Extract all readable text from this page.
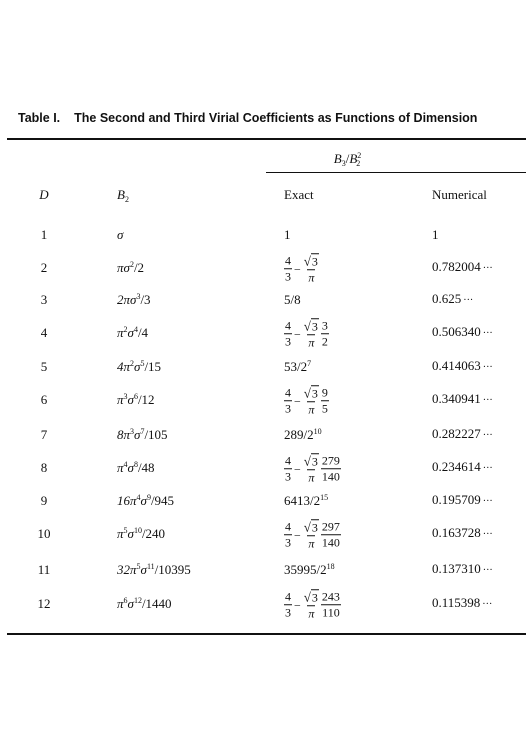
Table I. The Second and Third Virial Coefficients as Functions of Dimension
$B_3/B^2_2$
D	$B_2$	Exact	Numerical
1	σ	1	1
2	$\pi\sigma^2/2$	$\frac{4}{3} - \frac{√3}{\pi}$	0.782004 ···
3	$2\pi\sigma^3/3$	5/8	0.625 ···
4	$\pi^2\sigma^4/4$	$\frac{4}{3} - \frac{√3}{\pi} \frac{3}{2}$	0.506340 ···
5	$4\pi^2\sigma^5/15$	$53/2^7$	0.414063 ···
6	$\pi^3\sigma^6/12$	$\frac{4}{3} - \frac{√3}{\pi} \frac{9}{5}$	0.340941 ···
7	$8\pi^3\sigma^7/105$	$289/2^{10}$	0.282227 ···
8	$\pi^4\sigma^8/48$	$\frac{4}{3} - \frac{√3}{\pi} \frac{279}{140}$	0.234614 ···
9	$16\pi^4\sigma^9/945$	$6413/2^{15}$	0.195709 ···
10	$\pi^5\sigma^{10}/240$	$\frac{4}{3} - \frac{√3}{\pi} \frac{297}{140}$	0.163728 ···
11	$32\pi^5\sigma^{11}/10395$	$35995/2^{18}$	0.137310 ···
12	$\pi^6\sigma^{12}/1440$	$\frac{4}{3} - \frac{√3}{\pi} \frac{243}{110}$	0.115398 ···
